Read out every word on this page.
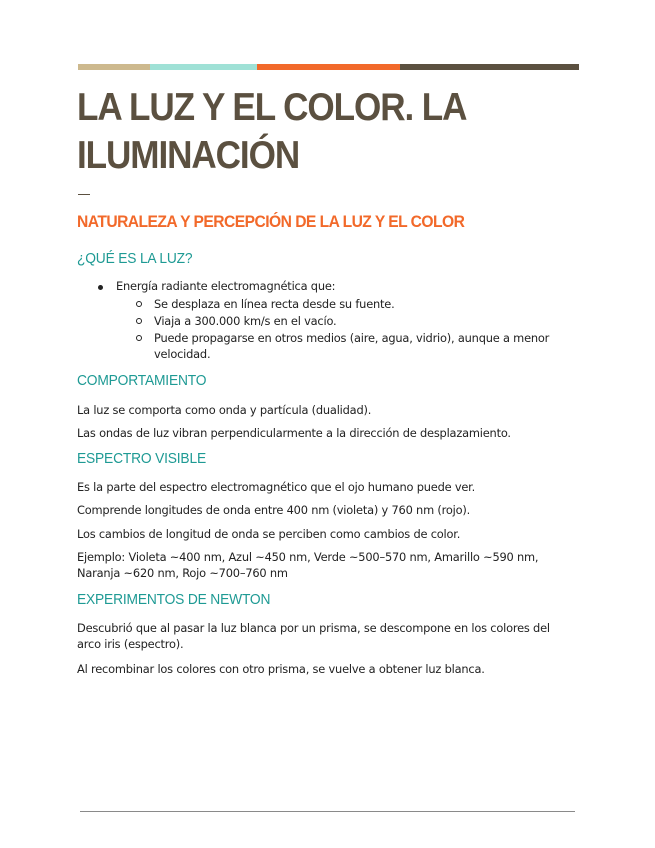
LA LUZ Y EL COLOR. LA ILUMINACIÓN
NATURALEZA Y PERCEPCIÓN DE LA LUZ Y EL COLOR
¿QUÉ ES LA LUZ?
Energía radiante electromagnética que:
Se desplaza en línea recta desde su fuente.
Viaja a 300.000 km/s en el vacío.
Puede propagarse en otros medios (aire, agua, vidrio), aunque a menor velocidad.
COMPORTAMIENTO

La luz se comporta como onda y partícula (dualidad).

Las ondas de luz vibran perpendicularmente a la dirección de desplazamiento.

ESPECTRO VISIBLE

Es la parte del espectro electromagnético que el ojo humano puede ver.

Comprende longitudes de onda entre 400 nm (violeta) y 760 nm (rojo).

Los cambios de longitud de onda se perciben como cambios de color.

Ejemplo: Violeta ~400 nm, Azul ~450 nm, Verde ~500–570 nm, Amarillo ~590 nm, Naranja ~620 nm, Rojo ~700–760 nm

EXPERIMENTOS DE NEWTON

Descubrió que al pasar la luz blanca por un prisma, se descompone en los colores del arco iris (espectro).

Al recombinar los colores con otro prisma, se vuelve a obtener luz blanca.
